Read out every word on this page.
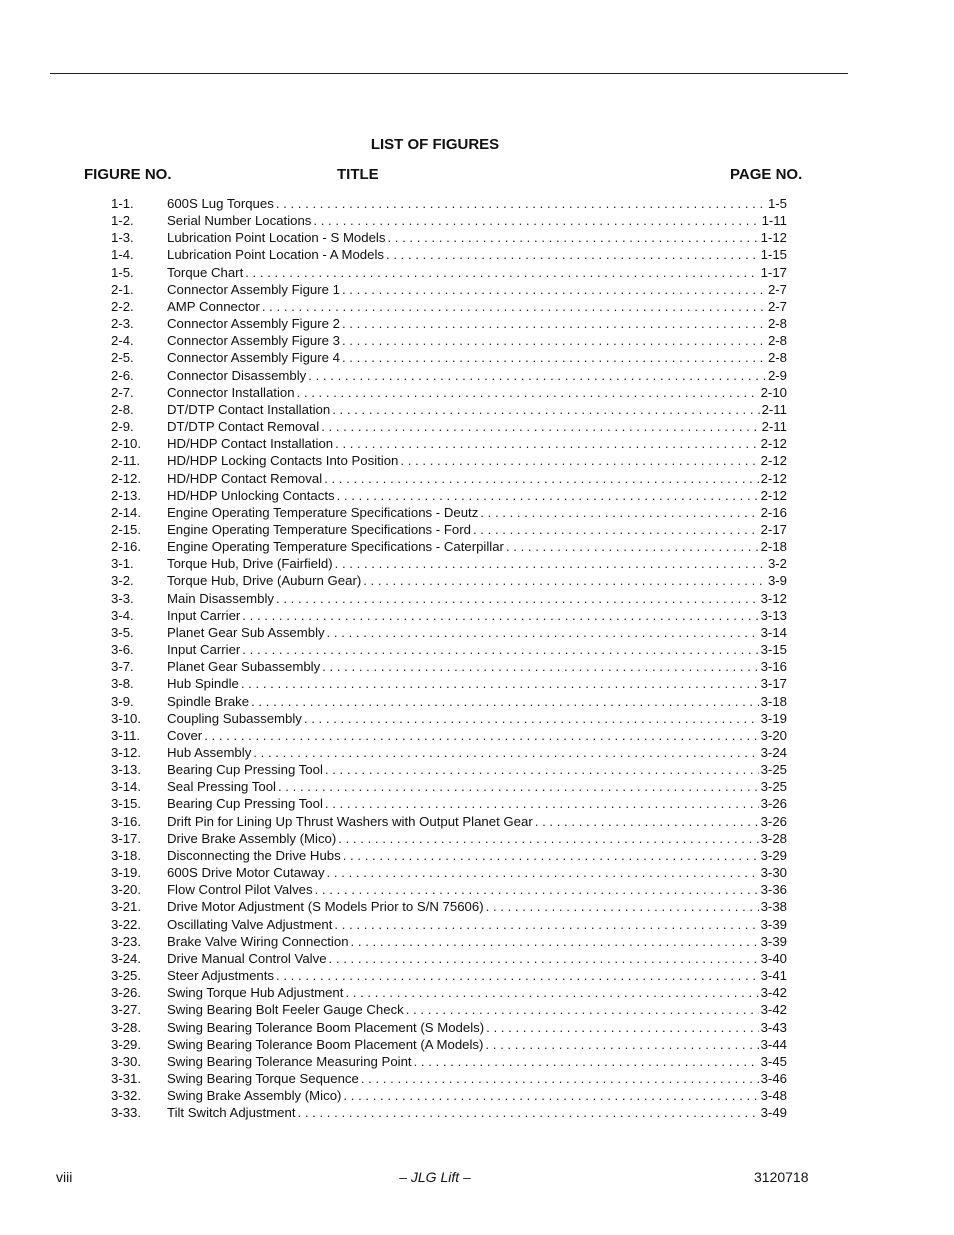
LIST OF FIGURES
FIGURE NO.	TITLE	PAGE NO.
1-1.	600S Lug Torques . . .	1-5
1-2.	Serial Number Locations . . .	1-11
1-3.	Lubrication Point Location - S Models . . .	1-12
1-4.	Lubrication Point Location - A Models . . .	1-15
1-5.	Torque Chart . . .	1-17
2-1.	Connector Assembly Figure 1 . . .	2-7
2-2.	AMP Connector . . .	2-7
2-3.	Connector Assembly Figure 2 . . .	2-8
2-4.	Connector Assembly Figure 3 . . .	2-8
2-5.	Connector Assembly Figure 4 . . .	2-8
2-6.	Connector Disassembly . . .	2-9
2-7.	Connector Installation . . .	2-10
2-8.	DT/DTP Contact Installation . . .	2-11
2-9.	DT/DTP Contact Removal . . .	2-11
2-10.	HD/HDP Contact Installation . . .	2-12
2-11.	HD/HDP Locking Contacts Into Position . . .	2-12
2-12.	HD/HDP Contact Removal . . .	2-12
2-13.	HD/HDP Unlocking Contacts . . .	2-12
2-14.	Engine Operating Temperature Specifications - Deutz . . .	2-16
2-15.	Engine Operating Temperature Specifications - Ford . . .	2-17
2-16.	Engine Operating Temperature Specifications - Caterpillar . . .	2-18
3-1.	Torque Hub, Drive (Fairfield) . . .	3-2
3-2.	Torque Hub, Drive (Auburn Gear) . . .	3-9
3-3.	Main Disassembly . . .	3-12
3-4.	Input Carrier . . .	3-13
3-5.	Planet Gear Sub Assembly . . .	3-14
3-6.	Input Carrier . . .	3-15
3-7.	Planet Gear Subassembly . . .	3-16
3-8.	Hub Spindle . . .	3-17
3-9.	Spindle Brake . . .	3-18
3-10.	Coupling Subassembly . . .	3-19
3-11.	Cover . . .	3-20
3-12.	Hub Assembly . . .	3-24
3-13.	Bearing Cup Pressing Tool . . .	3-25
3-14.	Seal Pressing Tool . . .	3-25
3-15.	Bearing Cup Pressing Tool . . .	3-26
3-16.	Drift Pin for Lining Up Thrust Washers with Output Planet Gear . . .	3-26
3-17.	Drive Brake Assembly (Mico) . . .	3-28
3-18.	Disconnecting the Drive Hubs . . .	3-29
3-19.	600S Drive Motor Cutaway . . .	3-30
3-20.	Flow Control Pilot Valves . . .	3-36
3-21.	Drive Motor Adjustment (S Models Prior to S/N 75606) . . .	3-38
3-22.	Oscillating Valve Adjustment . . .	3-39
3-23.	Brake Valve Wiring Connection . . .	3-39
3-24.	Drive Manual Control Valve . . .	3-40
3-25.	Steer Adjustments . . .	3-41
3-26.	Swing Torque Hub Adjustment . . .	3-42
3-27.	Swing Bearing Bolt Feeler Gauge Check . . .	3-42
3-28.	Swing Bearing Tolerance Boom Placement (S Models) . . .	3-43
3-29.	Swing Bearing Tolerance Boom Placement (A Models) . . .	3-44
3-30.	Swing Bearing Tolerance Measuring Point . . .	3-45
3-31.	Swing Bearing Torque Sequence . . .	3-46
3-32.	Swing Brake Assembly (Mico) . . .	3-48
3-33.	Tilt Switch Adjustment . . .	3-49
viii	– JLG Lift –	3120718
